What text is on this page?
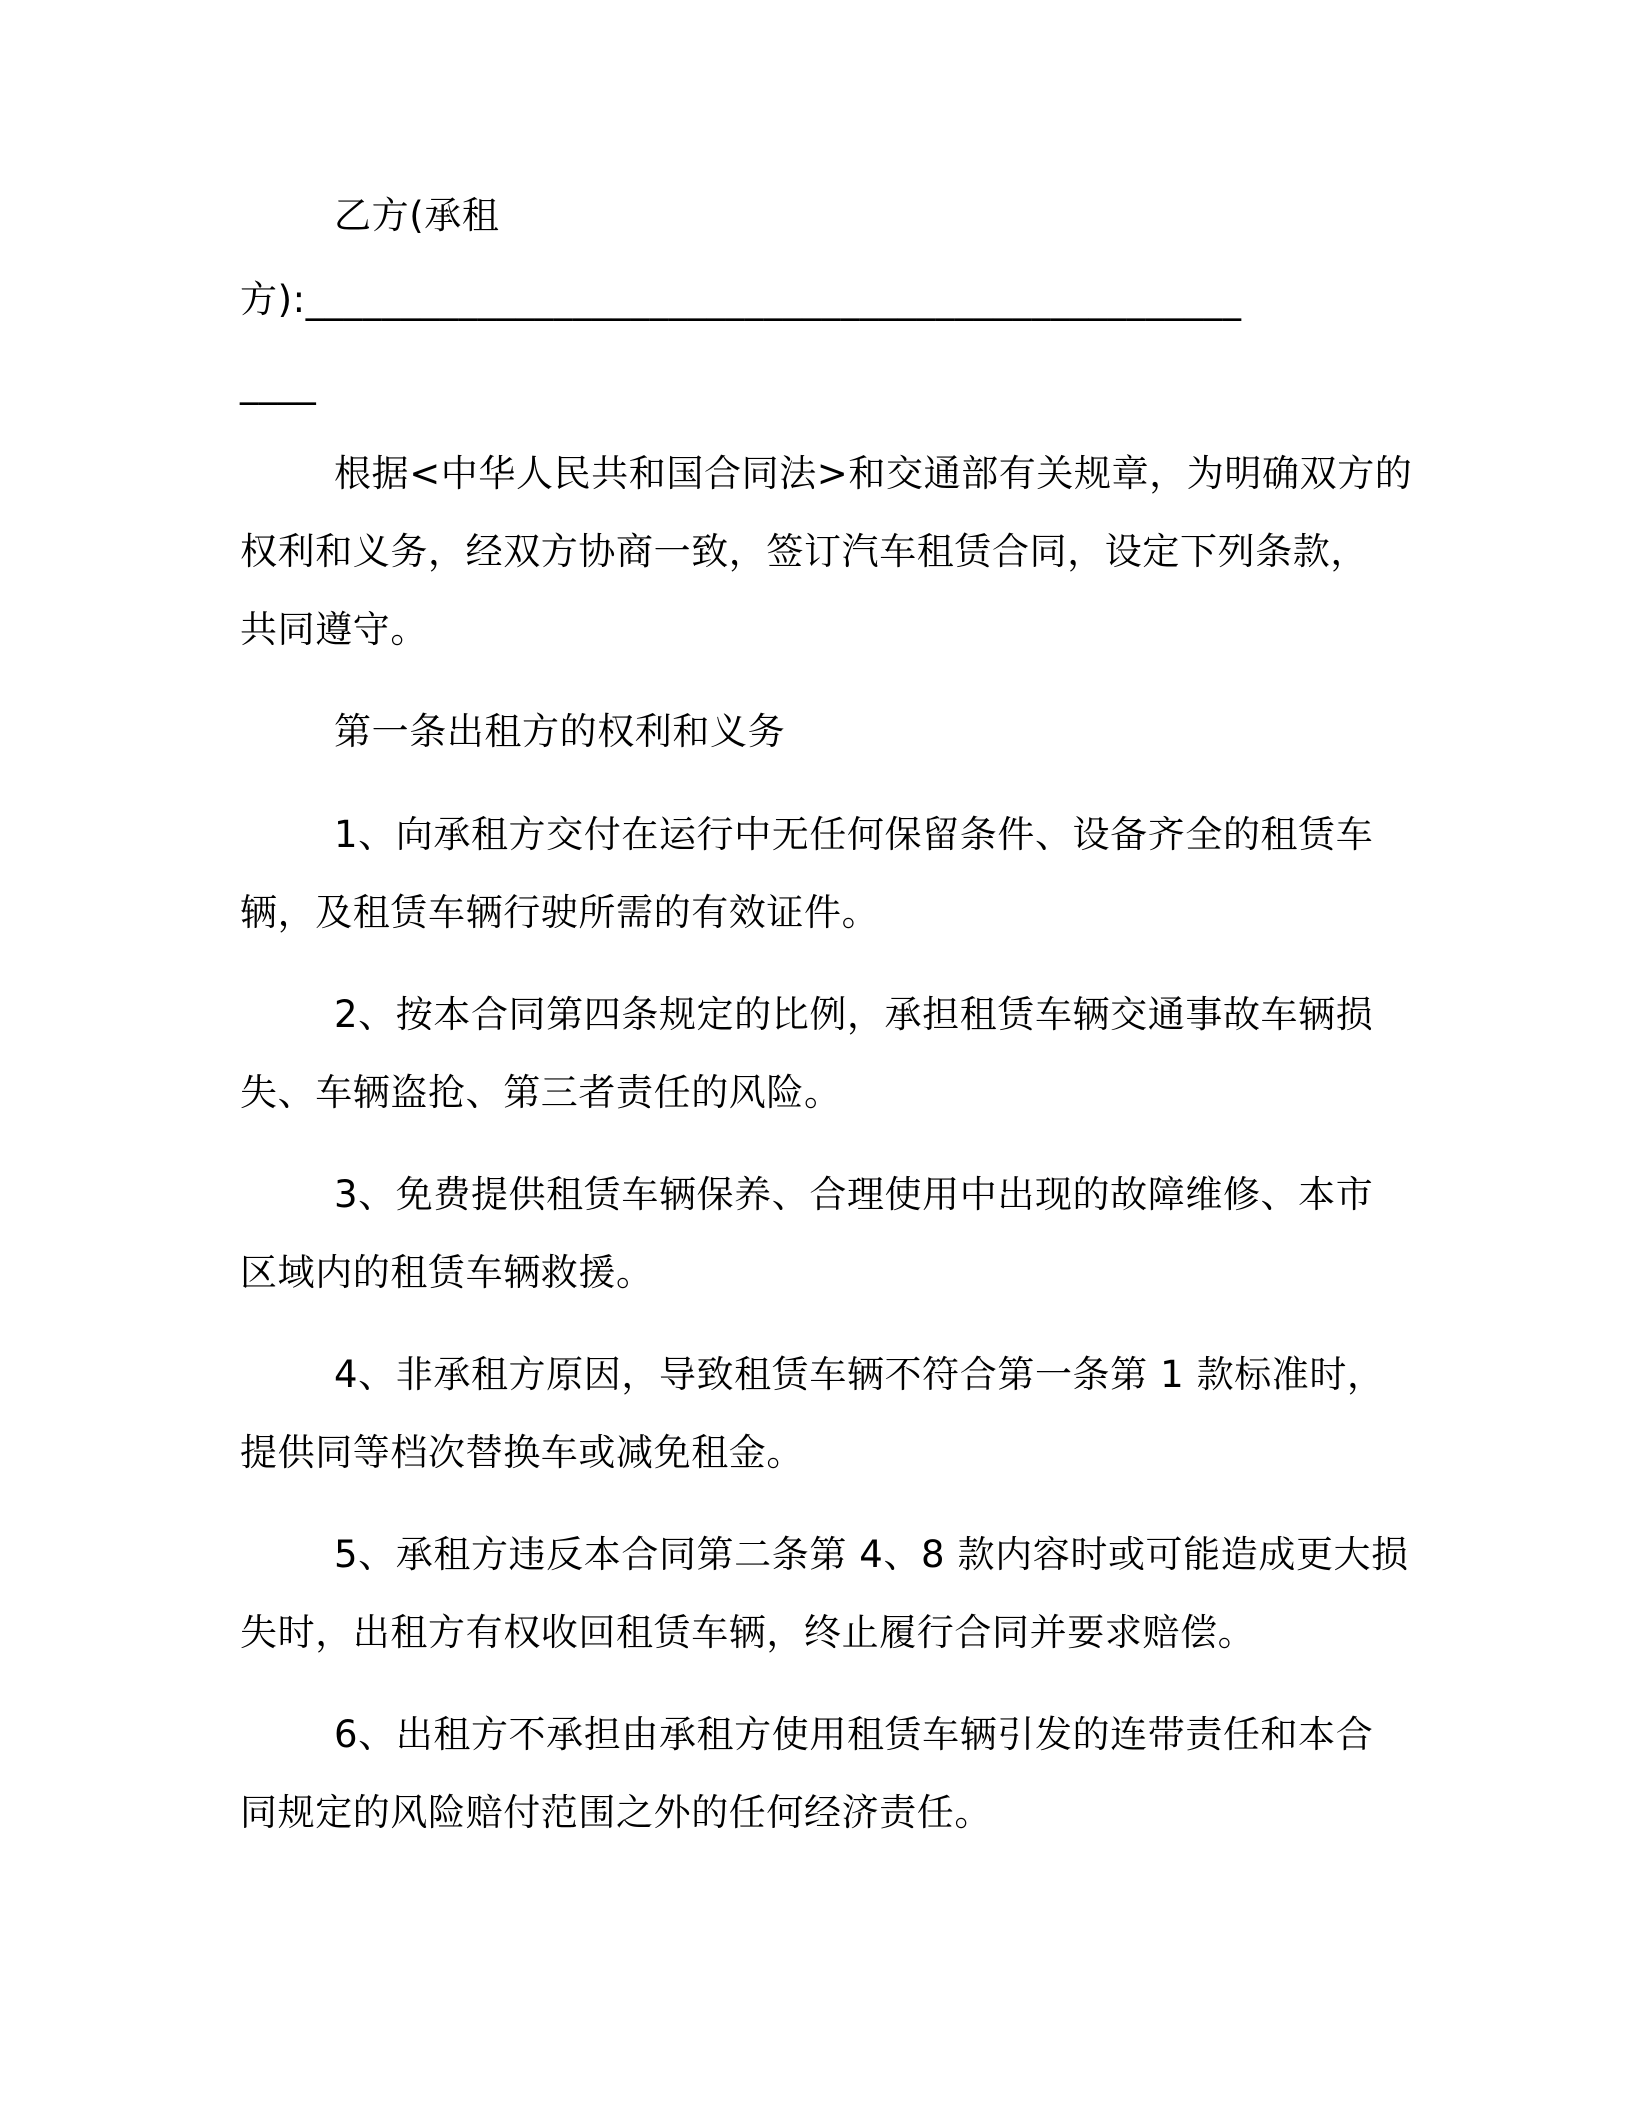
乙方(承租
方):_________________________________________________
____
根据<中华人民共和国合同法>和交通部有关规章，为明确双方的
权利和义务，经双方协商一致，签订汽车租赁合同，设定下列条款，
共同遵守。
第一条出租方的权利和义务
1、向承租方交付在运行中无任何保留条件、设备齐全的租赁车
辆，及租赁车辆行驶所需的有效证件。
2、按本合同第四条规定的比例，承担租赁车辆交通事故车辆损
失、车辆盗抢、第三者责任的风险。
3、免费提供租赁车辆保养、合理使用中出现的故障维修、本市
区域内的租赁车辆救援。
4、非承租方原因，导致租赁车辆不符合第一条第 1 款标准时，
提供同等档次替换车或减免租金。
5、承租方违反本合同第二条第 4、8 款内容时或可能造成更大损
失时，出租方有权收回租赁车辆，终止履行合同并要求赔偿。
6、出租方不承担由承租方使用租赁车辆引发的连带责任和本合
同规定的风险赔付范围之外的任何经济责任。
